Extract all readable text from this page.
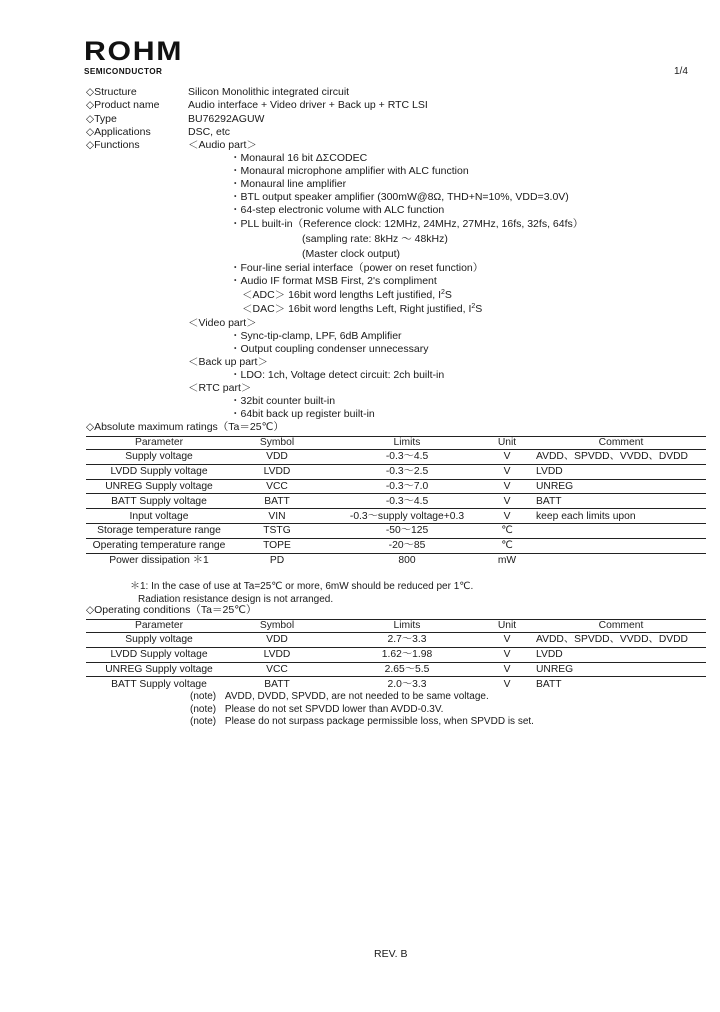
ROHM
SEMICONDUCTOR	1/4
◇Structure	Silicon Monolithic integrated circuit
◇Product name	Audio interface + Video driver + Back up + RTC LSI
◇Type	BU76292AGUW
◇Applications	DSC, etc
◇Functions	＜Audio part＞
・Monaural 16 bit ΔΣCODEC
・Monaural microphone amplifier with ALC function
・Monaural line amplifier
・BTL output speaker amplifier (300mW@8Ω, THD+N=10%, VDD=3.0V)
・64-step electronic volume with ALC function
・PLL built-in（Reference clock: 12MHz, 24MHz, 27MHz, 16fs, 32fs, 64fs）
(sampling rate: 8kHz ～ 48kHz)
(Master clock output)
・Four-line serial interface（power on reset function）
・Audio IF format MSB First, 2's compliment
＜ADC＞ 16bit word lengths Left justified, $I^2S$
＜DAC＞ 16bit word lengths Left, Right justified, $I^2S$
＜Video part＞
・Sync-tip-clamp, LPF, 6dB Amplifier
・Output coupling condenser unnecessary
＜Back up part＞
・LDO: 1ch, Voltage detect circuit: 2ch built-in
＜RTC part＞
・32bit counter built-in
・64bit back up register built-in
◇Absolute maximum ratings（Ta＝25℃）
Parameter	Symbol	Limits	Unit		Comment
Supply voltage	VDD	-0.3～4.5	V		AVDD、SPVDD、VVDD、DVDD
LVDD Supply voltage	LVDD	-0.3～2.5	V		LVDD
UNREG Supply voltage	VCC	-0.3～7.0	V		UNREG
BATT Supply voltage	BATT	-0.3～4.5	V		BATT
Input voltage	VIN	-0.3～supply voltage+0.3	V		keep each limits upon
Storage temperature range	TSTG	-50～125	℃		
Operating temperature range	TOPE	-20～85	℃		
Power dissipation ＊1	PD	800	mW		
＊1: In the case of use at Ta=25℃ or more, 6mW should be reduced per 1℃.
Radiation resistance design is not arranged.
◇Operating conditions（Ta＝25℃）
Parameter	Symbol	Limits	Unit		Comment
Supply voltage	VDD	2.7～3.3	V		AVDD、SPVDD、VVDD、DVDD
LVDD Supply voltage	LVDD	1.62～1.98	V		LVDD
UNREG Supply voltage	VCC	2.65～5.5	V		UNREG
BATT Supply voltage	BATT	2.0～3.3	V		BATT
(note) AVDD, DVDD, SPVDD, are not needed to be same voltage.
(note) Please do not set SPVDD lower than AVDD-0.3V.
(note) Please do not surpass package permissible loss, when SPVDD is set.
REV. B
